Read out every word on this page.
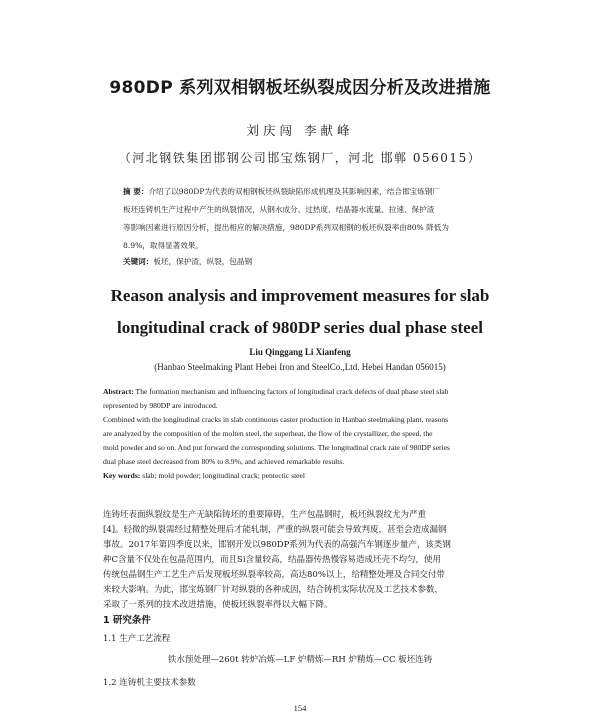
980DP 系列双相钢板坯纵裂成因分析及改进措施
刘庆闯 李献峰
（河北钢铁集团邯钢公司邯宝炼钢厂，河北 邯郸 056015）
摘 要：介绍了以980DP为代表的双相钢板坯纵裂缺陷形成机理及其影响因素，结合邯宝炼钢厂
板坯连铸机生产过程中产生的纵裂情况，从钢水成分、过热度、结晶器水流量、拉速、保护渣
等影响因素进行原因分析，提出相应的解决措施，980DP系列双相钢的板坯纵裂率由80% 降低为
8.9%，取得显著效果。
关键词：板坯，保护渣，纵裂，包晶钢
Reason analysis and improvement measures for slab
longitudinal crack of 980DP series dual phase steel
Liu Qinggang Li Xianfeng
(Hanbao Steelmaking Plant Hebei Iron and SteelCo.,Ltd. Hebei Handan 056015)
Abstract: The formation mechanism and influencing factors of longitudinal crack defects of dual phase steel slab
represented by 980DP are introduced.
Combined with the longitudinal cracks in slab continuous caster production in Hanbao steelmaking plant, reasons
are analyzed by the composition of the molten steel, the superheat, the flow of the crystallizer, the speed, the
mold powder and so on. And put forward the corresponding solutions. The longitudinal crack rate of 980DP series
dual phase steel decreased from 80% to 8.9%, and achieved remarkable results.
Key words: slab; mold powder; longitudinal crack; pentectic steel
连铸坯表面纵裂纹是生产无缺陷铸坯的重要障碍，生产包晶钢时，板坯纵裂纹尤为严重
[4]。轻微的纵裂需经过精整处理后才能轧制，严重的纵裂可能会导致判废，甚至会造成漏钢
事故。2017年第四季度以来，邯钢开发以980DP系列为代表的高强汽车钢逐步量产，该类钢
种C含量不仅处在包晶范围内，而且Si含量较高，结晶器传热慢容易造成坯壳不均匀，使用
传统包晶钢生产工艺生产后发现板坯纵裂率较高，高达80%以上，给精整处理及合同交付带
来较大影响。为此，邯宝炼钢厂针对纵裂的各种成因，结合铸机实际状况及工艺技术参数，
采取了一系列的技术改进措施，使板坯纵裂率得以大幅下降。
1 研究条件
1.1 生产工艺流程
铁水预处理—260t 转炉冶炼—LF 炉精炼—RH 炉精炼—CC 板坯连铸
1.2 连铸机主要技术参数
154
